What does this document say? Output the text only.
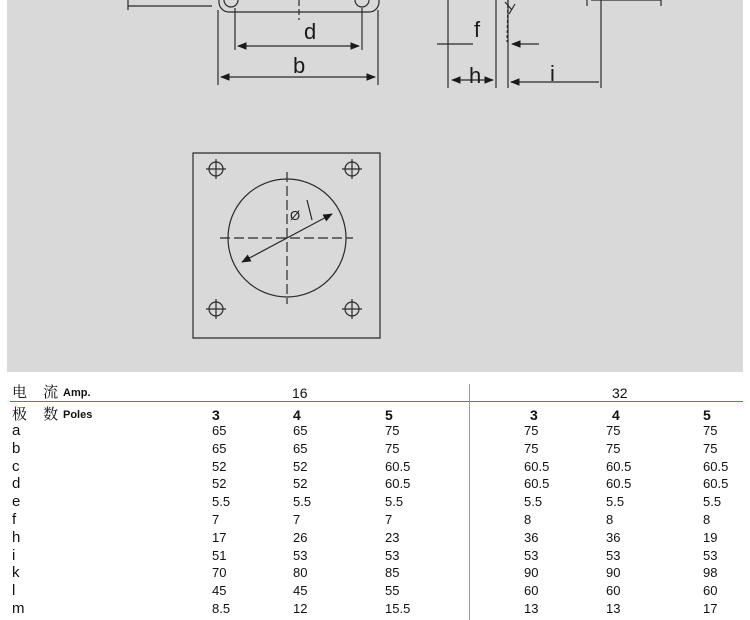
d
b
f
h	i
Ø
电 流
Amp.	16	32
极 数
Poles	3	4	5	3	4	5
a	65	65	75	75	75	75
b	65	65	75	75	75	75
c	52	52	60.5	60.5	60.5	60.5
d	52	52	60.5	60.5	60.5	60.5
e	5.5	5.5	5.5	5.5	5.5	5.5
f	7	7	7	8	8	8
h	17	26	23	36	36	19
i	51	53	53	53	53	53
k	70	80	85	90	90	98
l	45	45	55	60	60	60
m	8.5	12	15.5	13	13	17
